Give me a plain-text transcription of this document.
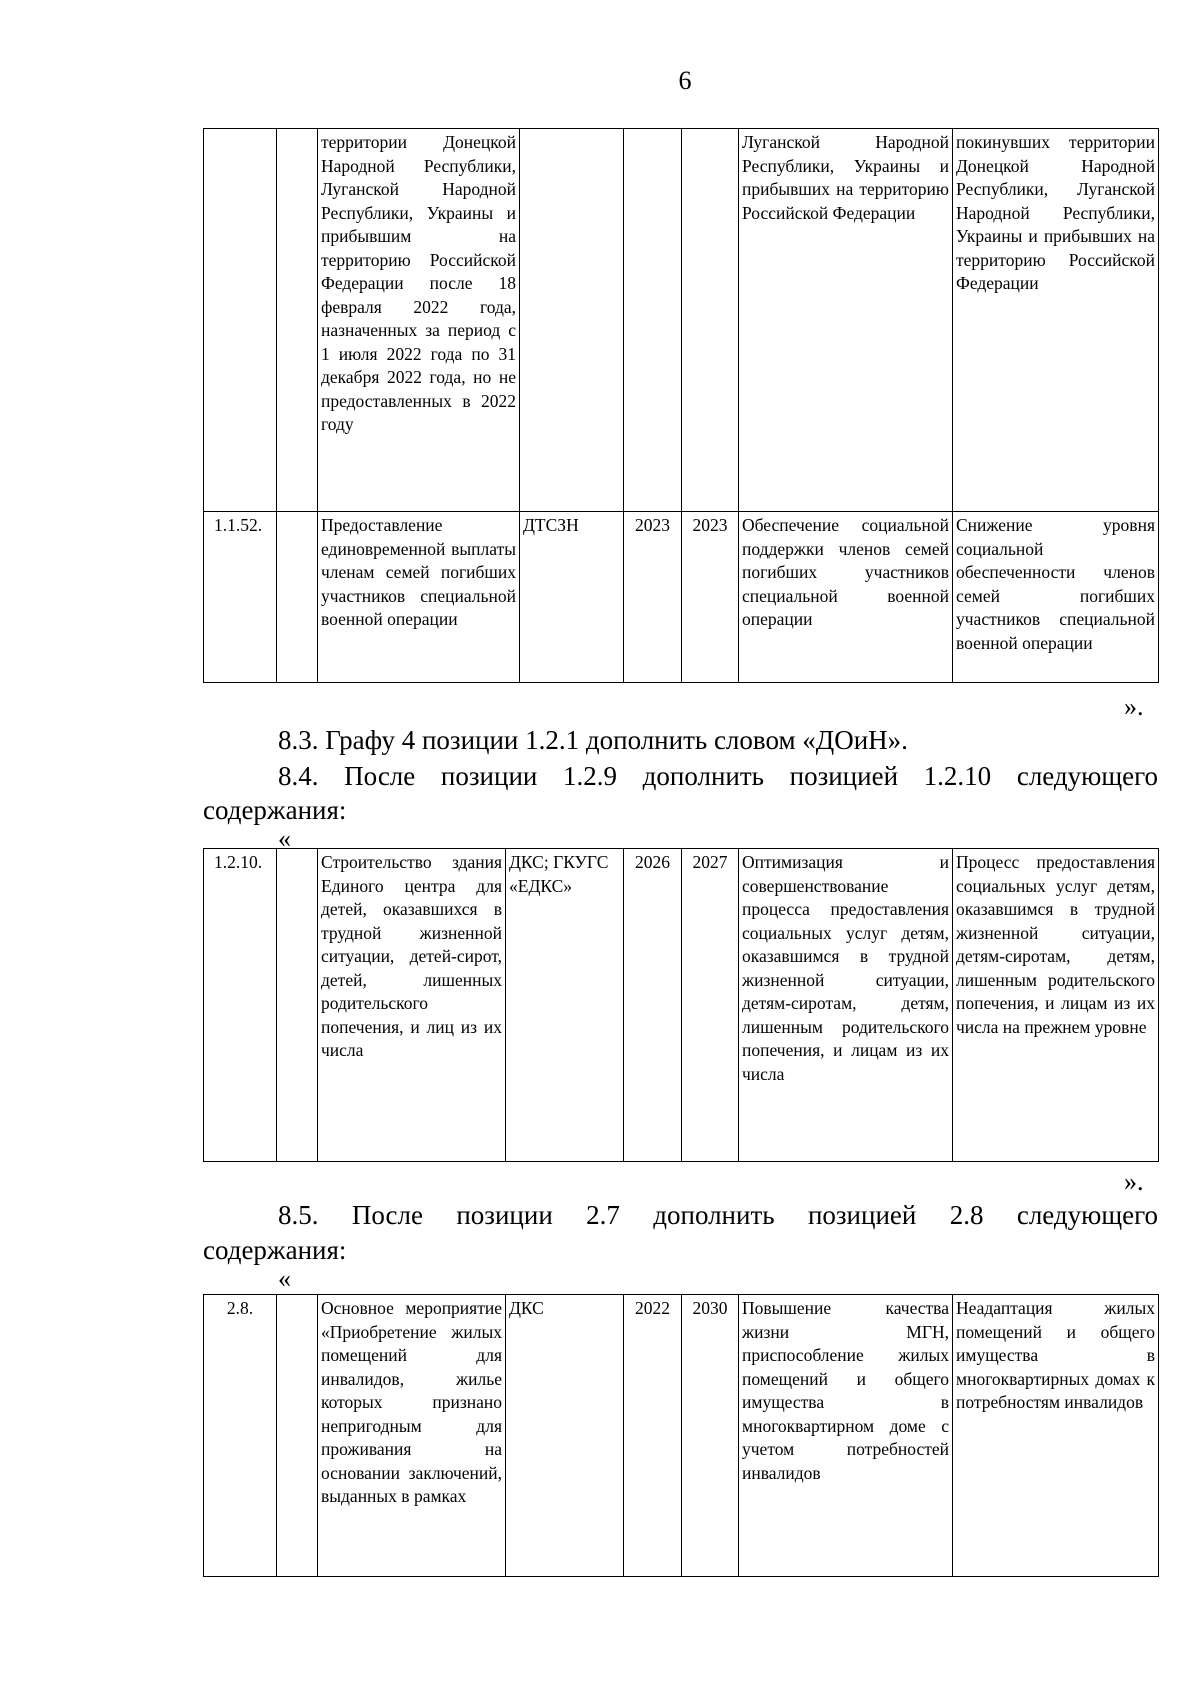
6
		территории Донецкой Народной Республики, Луганской Народной Республики, Украины и прибывшим на территорию Российской Федерации после 18 февраля 2022 года, назначенных за период с 1 июля 2022 года по 31 декабря 2022 года, но не предоставленных в 2022 году				Луганской Народной Республики, Украины и прибывших на территорию Российской Федерации	покинувших территории Донецкой Народной Республики, Луганской Народной Республики, Украины и прибывших на территорию Российской Федерации
1.1.52.		Предоставление единовременной выплаты членам семей погибших участников специальной военной операции	ДТСЗН	2023	2023	Обеспечение социальной поддержки членов семей погибших участников специальной военной операции	Снижение уровня социальной обеспеченности членов семей погибших участников специальной военной операции
».
8.3. Графу 4 позиции 1.2.1 дополнить словом «ДОиН».
8.4. После позиции 1.2.9 дополнить позицией 1.2.10 следующего
содержания:
«
1.2.10.		Строительство здания Единого центра для детей, оказавшихся в трудной жизненной ситуации, детей-сирот, детей, лишенных родительского попечения, и лиц из их числа	ДКС; ГКУГС «ЕДКС»	2026	2027	Оптимизация и совершенствование процесса предоставления социальных услуг детям, оказавшимся в трудной жизненной ситуации, детям-сиротам, детям, лишенным родительского попечения, и лицам из их числа	Процесс предоставления социальных услуг детям, оказавшимся в трудной жизненной ситуации, детям-сиротам, детям, лишенным родительского попечения, и лицам из их числа на прежнем уровне
».
8.5. После позиции 2.7 дополнить позицией 2.8 следующего
содержания:
«
2.8.		Основное мероприятие «Приобретение жилых помещений для инвалидов, жилье которых признано непригодным для проживания на основании заключений, выданных в рамках	ДКС	2022	2030	Повышение качества жизни МГН, приспособление жилых помещений и общего имущества в многоквартирном доме с учетом потребностей инвалидов	Неадаптация жилых помещений и общего имущества в многоквартирных домах к потребностям инвалидов
